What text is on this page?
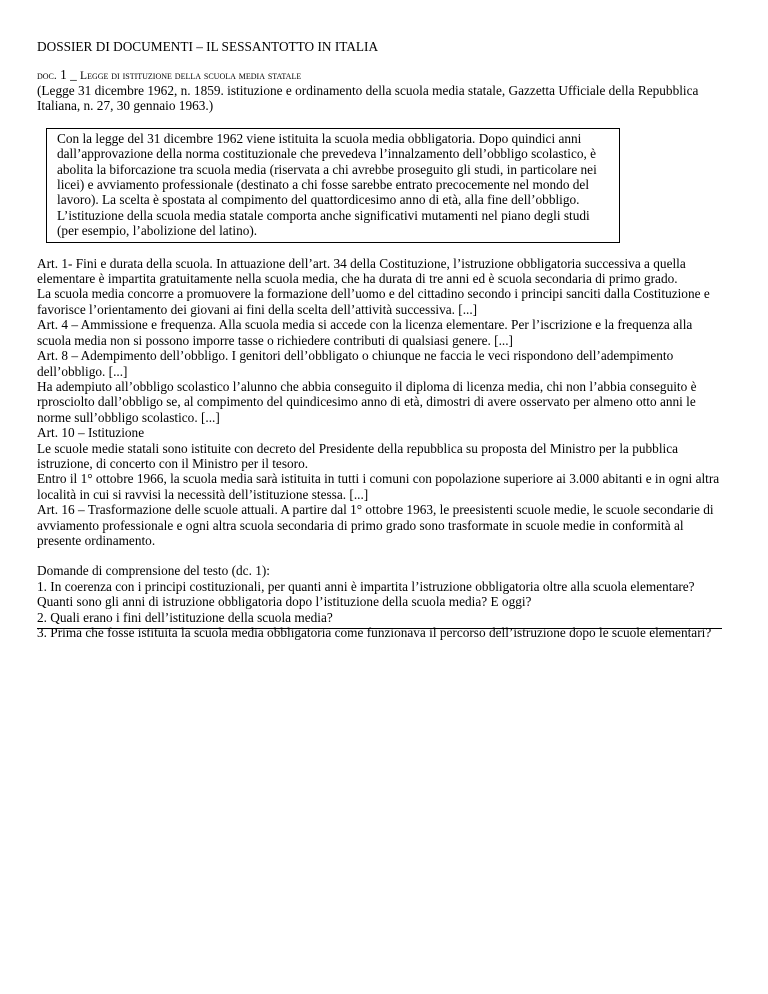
DOSSIER DI DOCUMENTI – IL SESSANTOTTO IN ITALIA

doc. 1 _ Legge di istituzione della scuola media statale

(Legge 31 dicembre 1962, n. 1859. istituzione e ordinamento della scuola media statale, Gazzetta Ufficiale della Repubblica Italiana, n. 27, 30 gennaio 1963.)

Con la legge del 31 dicembre 1962 viene istituita la scuola media obbligatoria. Dopo quindici anni dall’approvazione della norma costituzionale che prevedeva l’innalzamento dell’obbligo scolastico, è abolita la biforcazione tra scuola media (riservata a chi avrebbe proseguito gli studi, in particolare nei licei) e avviamento professionale (destinato a chi fosse sarebbe entrato precocemente nel mondo del lavoro). La scelta è spostata al compimento del quattordicesimo anno di età, alla fine dell’obbligo. L’istituzione della scuola media statale comporta anche significativi mutamenti nel piano degli studi (per esempio, l’abolizione del latino).

Art. 1- Fini e durata della scuola. In attuazione dell’art. 34 della Costituzione, l’istruzione obbligatoria successiva a quella elementare è impartita gratuitamente nella scuola media, che ha durata di tre anni ed è scuola secondaria di primo grado.

La scuola media concorre a promuovere la formazione dell’uomo e del cittadino secondo i principi sanciti dalla Costituzione e favorisce l’orientamento dei giovani ai fini della scelta dell’attività successiva. [...]

Art. 4 – Ammissione e frequenza. Alla scuola media si accede con la licenza elementare. Per l’iscrizione e la frequenza alla scuola media non si possono imporre tasse o richiedere contributi di qualsiasi genere. [...]

Art. 8 – Adempimento dell’obbligo. I genitori dell’obbligato o chiunque ne faccia le veci rispondono dell’adempimento dell’obbligo. [...]

Ha adempiuto all’obbligo scolastico l’alunno che abbia conseguito il diploma di licenza media, chi non l’abbia conseguito è rprosciolto dall’obbligo se, al compimento del quindicesimo anno di età, dimostri di avere osservato per almeno otto anni le norme sull’obbligo scolastico. [...]

Art. 10 – Istituzione

Le scuole medie statali sono istituite con decreto del Presidente della repubblica su proposta del Ministro per la pubblica istruzione, di concerto con il Ministro per il tesoro.

Entro il 1° ottobre 1966, la scuola media sarà istituita in tutti i comuni con popolazione superiore ai 3.000 abitanti e in ogni altra località in cui si ravvisi la necessità dell’istituzione stessa. [...]

Art. 16 – Trasformazione delle scuole attuali. A partire dal 1° ottobre 1963, le preesistenti scuole medie, le scuole secondarie di avviamento professionale e ogni altra scuola secondaria di primo grado sono trasformate in scuole medie in conformità al presente ordinamento.

Domande di comprensione del testo (dc. 1):

1. In coerenza con i principi costituzionali, per quanti anni è impartita l’istruzione obbligatoria oltre alla scuola elementare? Quanti sono gli anni di istruzione obbligatoria dopo l’istituzione della scuola media? E oggi?

2. Quali erano i fini dell’istituzione della scuola media?

3. Prima che fosse istituita la scuola media obbligatoria come funzionava il percorso dell’istruzione dopo le scuole elementari?
